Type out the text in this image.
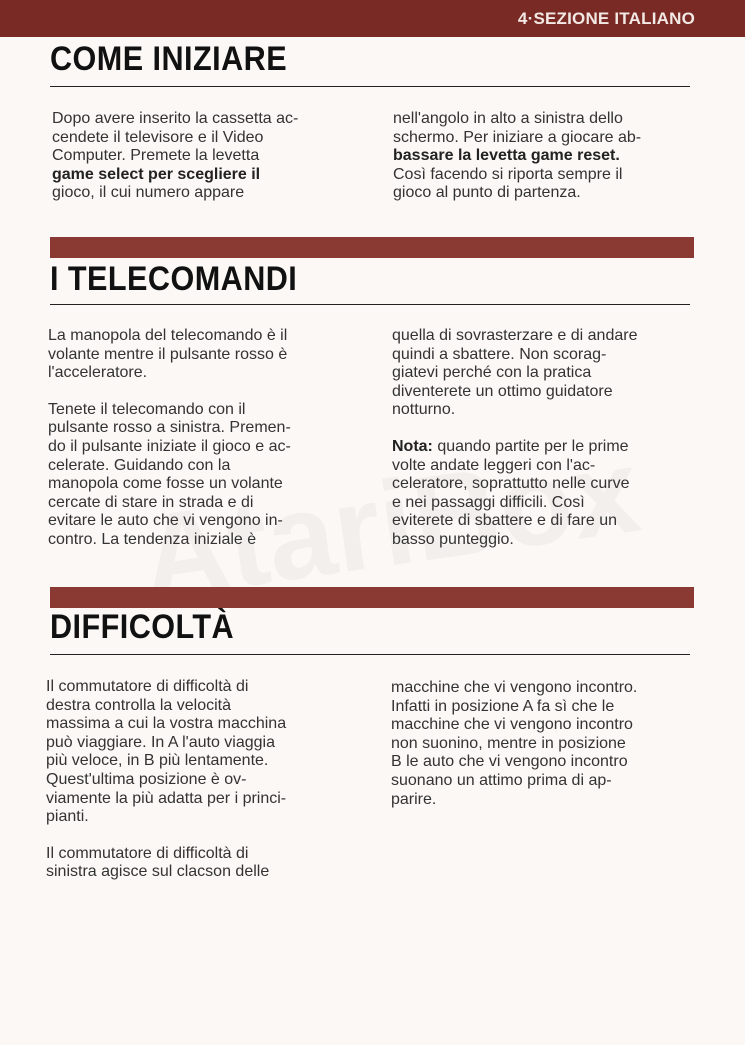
4·SEZIONE ITALIANO
COME INIZIARE
Dopo avere inserito la cassetta ac-
cendete il televisore e il Video
Computer. Premete la levetta
game select per scegliere il
gioco, il cui numero appare
nell'angolo in alto a sinistra dello
schermo. Per iniziare a giocare ab-
bassare la levetta game reset.
Così facendo si riporta sempre il
gioco al punto di partenza.
I TELECOMANDI

La manopola del telecomando è il
volante mentre il pulsante rosso è
l'acceleratore.

Tenete il telecomando con il
pulsante rosso a sinistra. Premen-
do il pulsante iniziate il gioco e ac-
celerate. Guidando con la
manopola come fosse un volante
cercate di stare in strada e di
evitare le auto che vi vengono in-
contro. La tendenza iniziale è

quella di sovrasterzare e di andare
quindi a sbattere. Non scorag-
giatevi perché con la pratica
diventerete un ottimo guidatore
notturno.

Nota: quando partite per le prime
volte andate leggeri con l'ac-
celeratore, soprattutto nelle curve
e nei passaggi difficili. Così
eviterete di sbattere e di fare un
basso punteggio.

DIFFICOLTÀ

Il commutatore di difficoltà di
destra controlla la velocità
massima a cui la vostra macchina
può viaggiare. In A l'auto viaggia
più veloce, in B più lentamente.
Quest'ultima posizione è ov-
viamente la più adatta per i princi-
pianti.

Il commutatore di difficoltà di
sinistra agisce sul clacson delle

macchine che vi vengono incontro.
Infatti in posizione A fa sì che le
macchine che vi vengono incontro
non suonino, mentre in posizione
B le auto che vi vengono incontro
suonano un attimo prima di ap-
parire.
